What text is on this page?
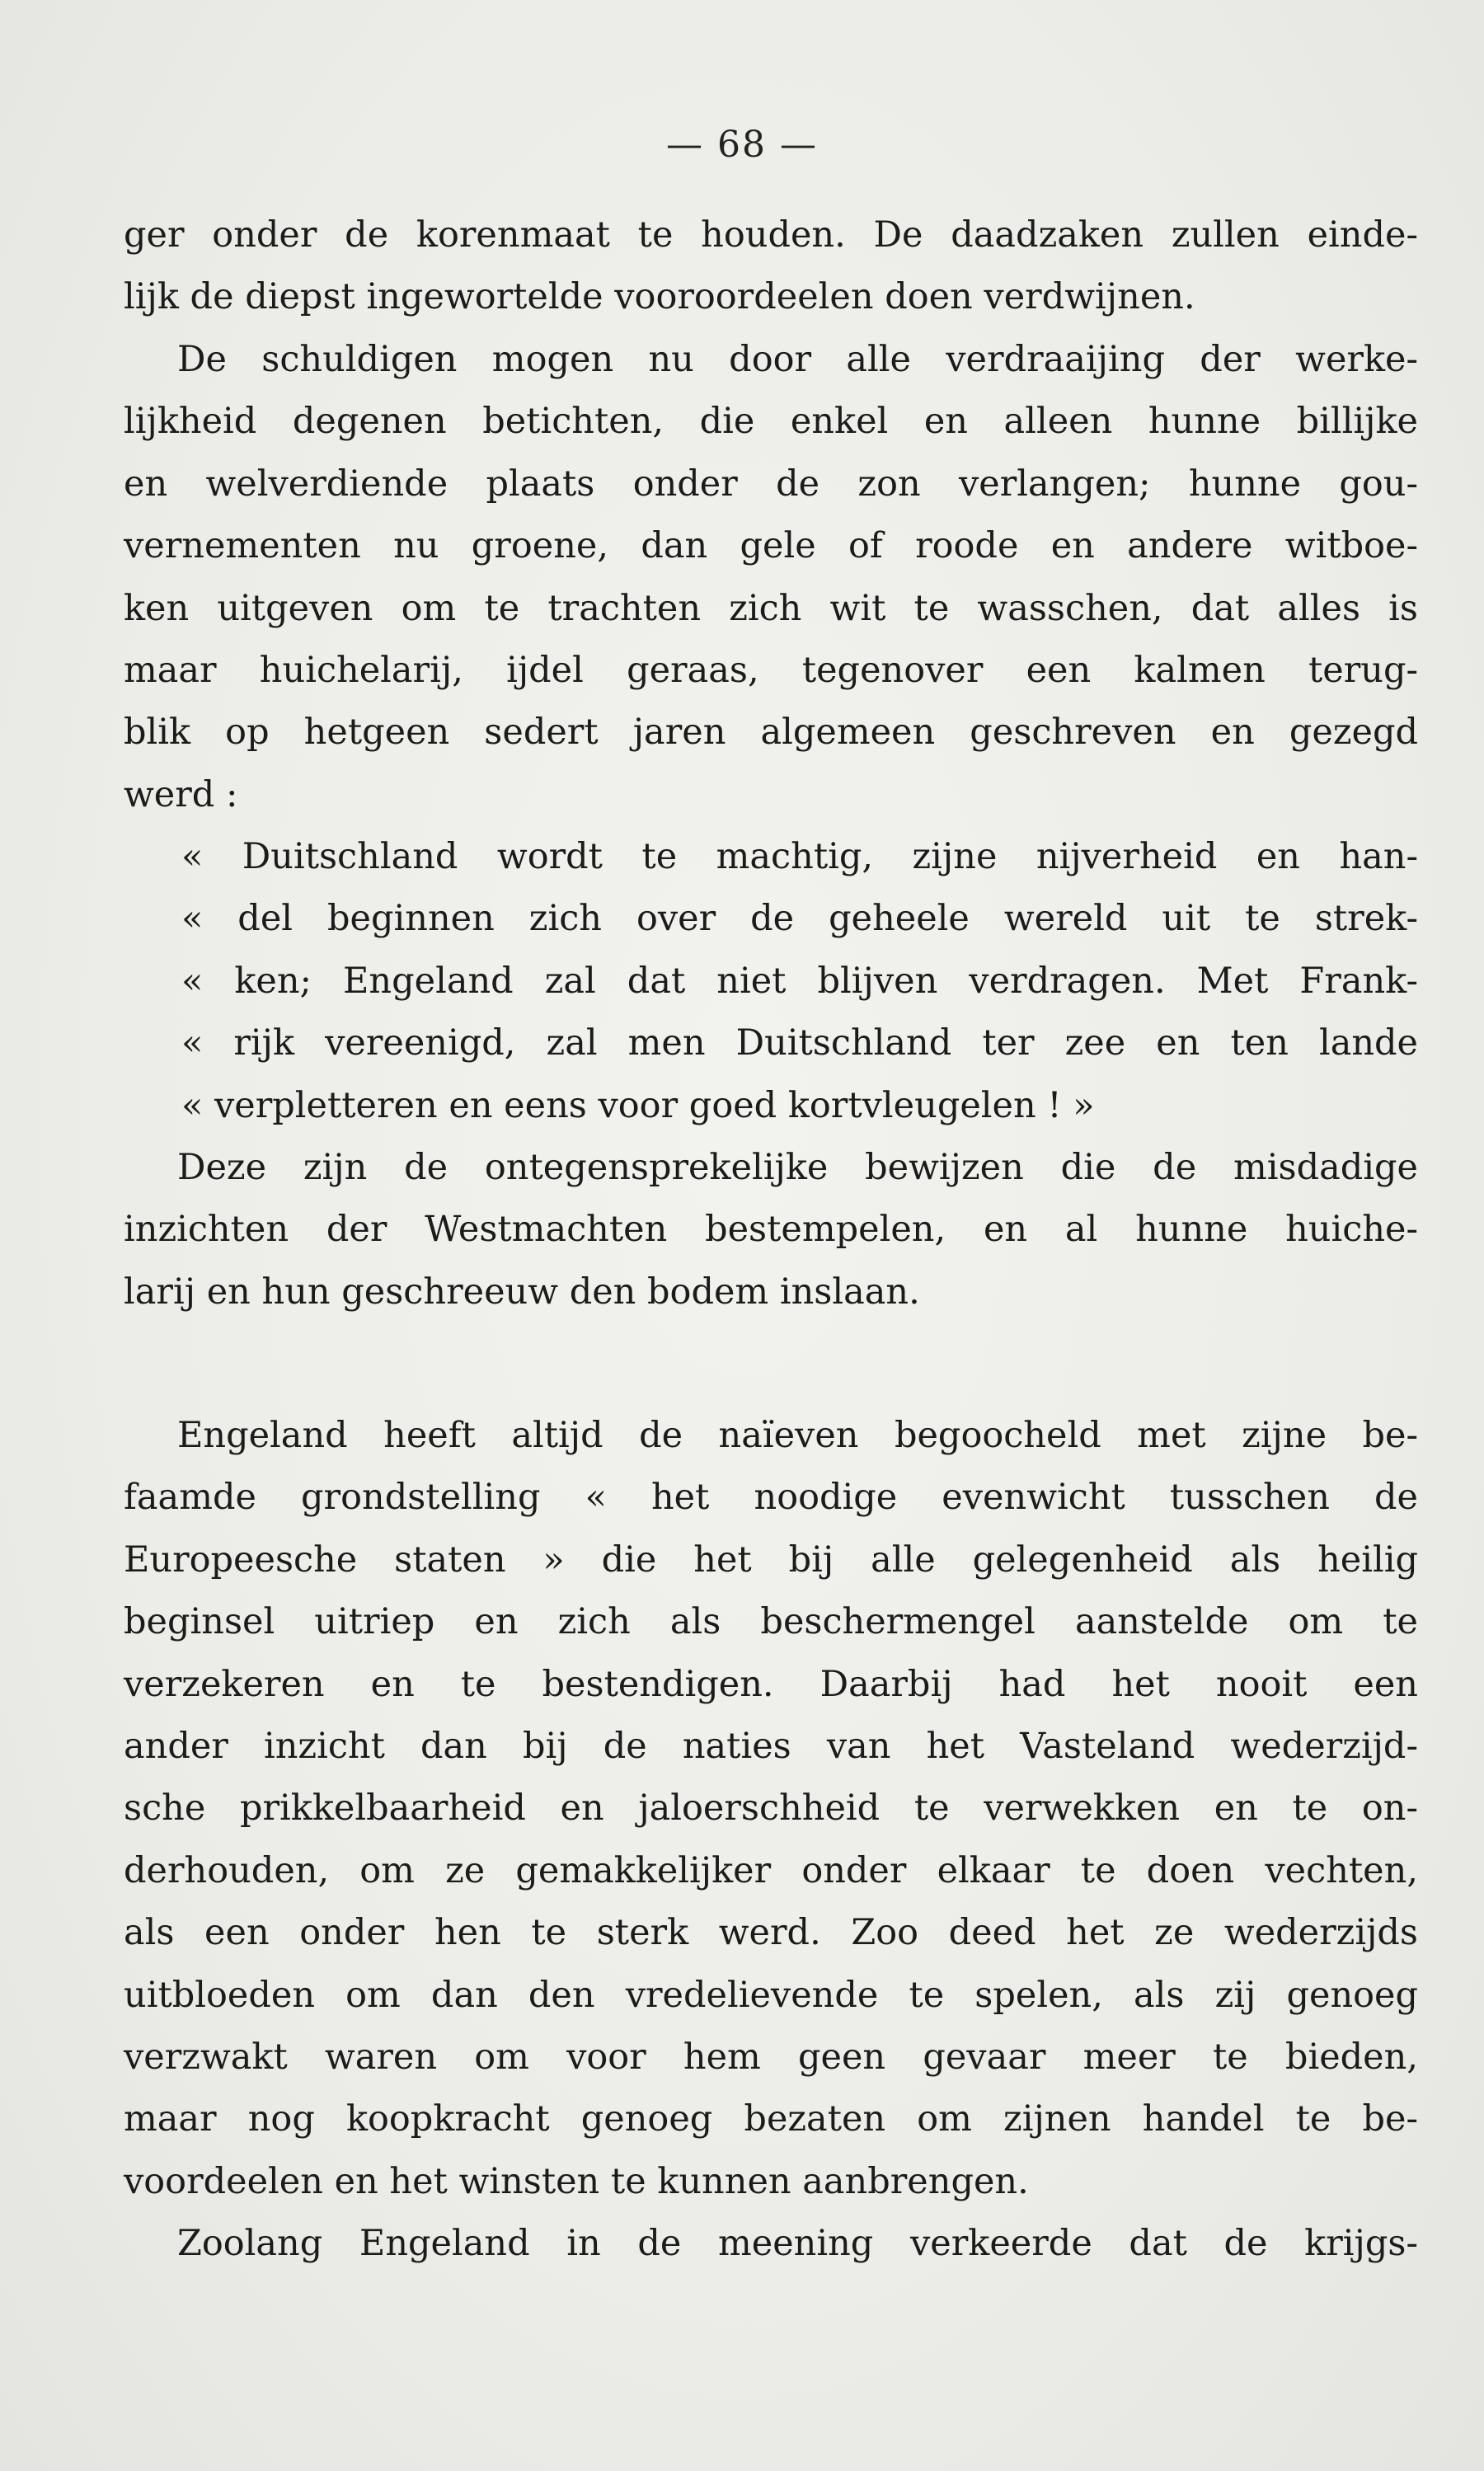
— 68 —
ger onder de korenmaat te houden. De daadzaken zullen einde-
lijk de diepst ingewortelde vooroordeelen doen verdwijnen.
De schuldigen mogen nu door alle verdraaijing der werke-
lijkheid degenen betichten, die enkel en alleen hunne billijke
en welverdiende plaats onder de zon verlangen; hunne gou-
vernementen nu groene, dan gele of roode en andere witboe-
ken uitgeven om te trachten zich wit te wasschen, dat alles is
maar huichelarij, ijdel geraas, tegenover een kalmen terug-
blik op hetgeen sedert jaren algemeen geschreven en gezegd
werd :
« Duitschland wordt te machtig, zijne nijverheid en han-
« del beginnen zich over de geheele wereld uit te strek-
« ken; Engeland zal dat niet blijven verdragen. Met Frank-
« rijk vereenigd, zal men Duitschland ter zee en ten lande
« verpletteren en eens voor goed kortvleugelen ! »
Deze zijn de ontegensprekelijke bewijzen die de misdadige
inzichten der Westmachten bestempelen, en al hunne huiche-
larij en hun geschreeuw den bodem inslaan.
Engeland heeft altijd de naïeven begoocheld met zijne be-
faamde grondstelling « het noodige evenwicht tusschen de
Europeesche staten » die het bij alle gelegenheid als heilig
beginsel uitriep en zich als beschermengel aanstelde om te
verzekeren en te bestendigen. Daarbij had het nooit een
ander inzicht dan bij de naties van het Vasteland wederzijd-
sche prikkelbaarheid en jaloerschheid te verwekken en te on-
derhouden, om ze gemakkelijker onder elkaar te doen vechten,
als een onder hen te sterk werd. Zoo deed het ze wederzijds
uitbloeden om dan den vredelievende te spelen, als zij genoeg
verzwakt waren om voor hem geen gevaar meer te bieden,
maar nog koopkracht genoeg bezaten om zijnen handel te be-
voordeelen en het winsten te kunnen aanbrengen.
Zoolang Engeland in de meening verkeerde dat de krijgs-
